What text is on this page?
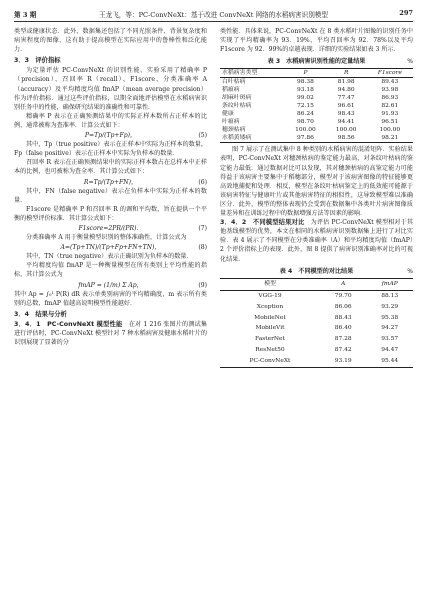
第 3 期	王龙飞，等：PC-ConvNeXt：基于改进 ConvNeXt 网络的水稻病害识别模型	297

类型或健康状态．此外，数据集还包括了不同光照条件、背景复杂度和病害程度的图像，这有助于提高模型在实际应用中的鲁棒性和泛化能力．

3．3　评价指标

为定量评估 PC-ConvNeXt 的识别性能，实验采用了精确率 P（precision）、召回率 R（recall）、F1score、分类准确率 A（accuracy）及平均精度均值 fmAP（mean average precision）作为评价指标．通过这些评价指标，以期全面地评估模型在水稻病害识别任务中的性能，确保研究结果的准确性和可靠性．

精确率 P 表示在正确预测结果中的实际正样本数所占正样本的比例，通常被称为查准率．计算公式如下：

P=Tp/(Tp+Fp)，	(5)

其中，Tp（true positive）表示在正样本中实际为正样本的数量，Fp（false positive）表示在正样本中实际为负样本的数量．

召回率 R 表示在正确预测结果中的实际正样本数占在总样本中正样本的比例，也可被称为查全率．其计算公式如下：

R=Tp/(Tp+FN)，	(6)

其中，FN（false negative）表示在负样本中实际为正样本的数量．

F1score 是精确率 P 和召回率 R 的调和平均数，旨在提供一个平衡的模型评价标准．其计算公式如下：

F1score=2PR/(PR)．	(7)

分类准确率 A 用于衡量模型识别的整体准确性，计算公式为

A=(Tp+TN)/(Tp+Fp+FN+TN)，	(8)

其中，TN（true negative）表示正确识别为负样本的数量．

平均精度均值 fmAP 是一种衡量模型在所有类别上平均性能的指标，其计算公式为

fmAP = (1/m) Σ Ap，	(9)

其中 Ap = ∫₀¹ P(R) dR 表示单类别病害的平均精确度，m 表示所有类别的总数，fmAP 值越高说明模型性能越好．

3．4　结果与分析

3．4．1　PC-ConvNeXt 模型性能　 在对 1 216 张图片的测试集进行评估时，PC-ConvNeXt 模型针对 7 种水稻病害及健康水稻叶片的识别展现了显著的分

类性能．具体来说，PC-ConvNeXt 在 8 类水稻叶片图像的识别任务中实现了平均精确率为 93．19%，平均召回率为 92．78%以及平均 F1score 为 92．99%的卓越表现．详细的实验结果如表 3 所示．

表 3　水稻病害识别性能的定量结果	%
水稻病害类型	P	R	F1score
白叶枯病	98.38	81.98	89.43
稻瘟病	93.18	94.80	93.98
胡麻叶斑病	99.02	77.47	86.93
条纹叶枯病	72.15	96.61	82.61
健康	86.24	98.43	91.93
叶瘟病	98.70	94.41	96.51
穗颈枯病	100.00	100.00	100.00
水稻黄矮病	97.86	98.56	98.21

图 7 展示了在测试集中 8 种类别的水稻病害的混淆矩阵．实验结果表明，PC-ConvNeXt 对穗颈枯病的鉴定能力最高，对条纹叶枯病的鉴定能力最低．通过数据对比可以发现，其对穗颈枯病的高鉴定能力可能得益于该病害主要集中于稻穗部分，模型对于该病害图像的特征能够更高效地捕捉和处理．相反，模型在条纹叶枯病鉴定上的低效能可能源于该病害特征与健康叶片或其他病害特征的相似性，这导致模型难以准确区分．此外，模型的整体表现仍会受到在数据集中各类叶片病害图像质量差异和在训练过程中的数据增强方法等因素的影响．

3．4．2　不同模型结果对比　 为评估 PC-ConvNeXt 模型相对于其他基线模型的优势，本文在相同的水稻病害识别数据集上进行了对比实验．表 4 展示了不同模型在分类准确率（A）和平均精度均值（fmAP）2 个评价指标上的表现．此外，图 8 提供了病害识别准确率对比的可视化结果．

表 4　不同模型的对比结果	%
模型	A	fmAP
VGG-19	79.70	88.13
Xception	86.06	93.29
MobileNet	88.43	95.38
MobileVit	86.40	94.27
FasterNet	87.28	93.57
ResNet50	87.42	94.47
PC-ConvNeXt	93.19	95.44
